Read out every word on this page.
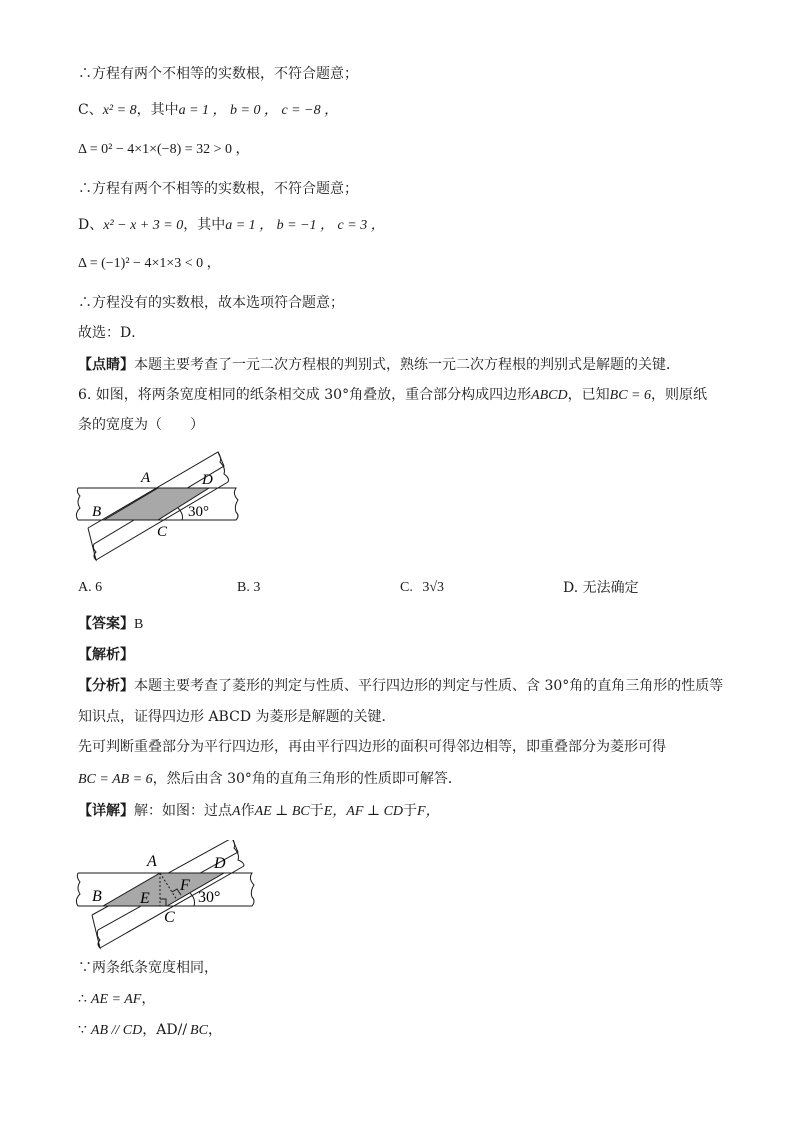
∴方程有两个不相等的实数根，不符合题意；
C、x² = 8，其中a = 1 ， b = 0 ， c = −8 ，
Δ = 0² − 4×1×(−8) = 32 > 0 ，
∴方程有两个不相等的实数根，不符合题意；
D、x² − x + 3 = 0，其中a = 1 ， b = −1 ， c = 3 ，
Δ = (−1)² − 4×1×3 < 0 ，
∴方程没有的实数根，故本选项符合题意；
故选：D．
【点睛】本题主要考查了一元二次方程根的判别式，熟练一元二次方程根的判别式是解题的关键．
6. 如图，将两条宽度相同的纸条相交成 30°角叠放，重合部分构成四边形ABCD，已知BC = 6，则原纸
条的宽度为（　　）
A	D
B
C
30°
A. 6	B. 3	C. 3√3	D. 无法确定
【答案】B
【解析】
【分析】本题主要考查了菱形的判定与性质、平行四边形的判定与性质、含 30°角的直角三角形的性质等
知识点，证得四边形 ABCD 为菱形是解题的关键．
先可判断重叠部分为平行四边形，再由平行四边形的面积可得邻边相等，即重叠部分为菱形可得
BC = AB = 6，然后由含 30°角的直角三角形的性质即可解答．
【详解】解：如图：过点A作AE ⊥ BC于E，AF ⊥ CD于F，
A	D
B E
F
C
30°
∵两条纸条宽度相同，
∴ AE = AF，
∵ AB // CD，AD// BC，
